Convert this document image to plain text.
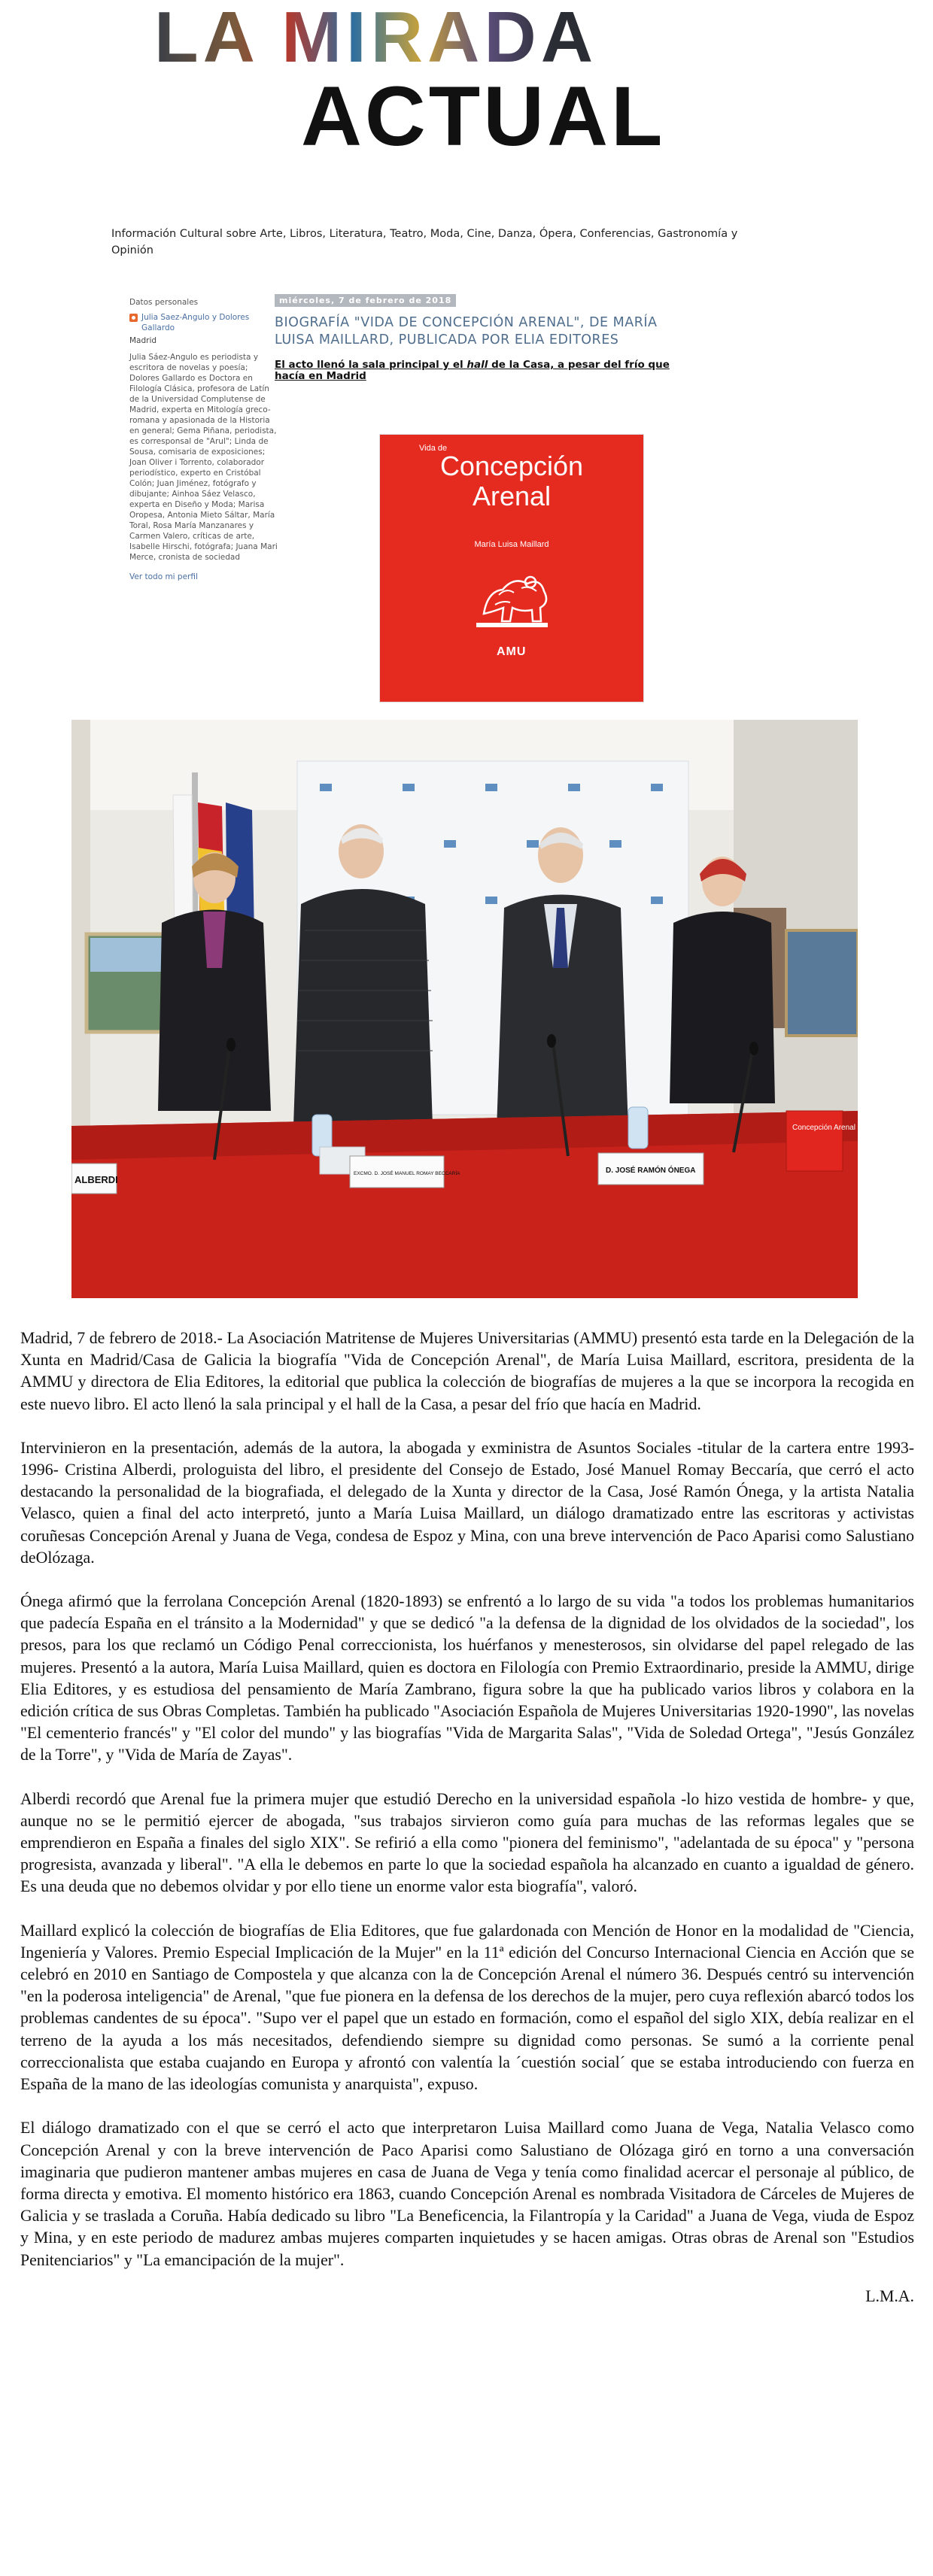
LA MIRADA
ACTUAL
Información Cultural sobre Arte, Libros, Literatura, Teatro, Moda, Cine, Danza, Ópera, Conferencias, Gastronomía y Opinión
Datos personales
Julia Saez-Angulo y Dolores Gallardo
Madrid
Julia Sáez-Angulo es periodista y escritora de novelas y poesía; Dolores Gallardo es Doctora en Filología Clásica, profesora de Latín de la Universidad Complutense de Madrid, experta en Mitología greco-romana y apasionada de la Historia en general; Gema Piñana, periodista, es corresponsal de "Arul"; Linda de Sousa, comisaria de exposiciones; Joan Oliver i Torrento, colaborador periodístico, experto en Cristóbal Colón; Juan Jiménez, fotógrafo y dibujante; Ainhoa Sáez Velasco, experta en Diseño y Moda; Marisa Oropesa, Antonia Mieto Sáltar, María Toral, Rosa María Manzanares y Carmen Valero, críticas de arte, Isabelle Hirschi, fotógrafa; Juana Mari Merce, cronista de sociedad
Ver todo mi perfil
miércoles, 7 de febrero de 2018
BIOGRAFÍA "VIDA DE CONCEPCIÓN ARENAL", DE MARÍA LUISA MAILLARD, PUBLICADA POR ELIA EDITORES
El acto llenó la sala principal y el hall de la Casa, a pesar del frío que hacía en Madrid
Vida de
Concepción
Arenal
María Luisa Maillard
AMU
ALBERDI
EXCMO. D. JOSÉ MANUEL ROMAY BECCARÍA	D. JOSÉ RAMÓN ÓNEGA
Concepción Arenal

Madrid, 7 de febrero de 2018.- La Asociación Matritense de Mujeres Universitarias (AMMU) presentó esta tarde en la Delegación de la Xunta en Madrid/Casa de Galicia la biografía "Vida de Concepción Arenal", de María Luisa Maillard, escritora, presidenta de la AMMU y directora de Elia Editores, la editorial que publica la colección de biografías de mujeres a la que se incorpora la recogida en este nuevo libro. El acto llenó la sala principal y el hall de la Casa, a pesar del frío que hacía en Madrid.

Intervinieron en la presentación, además de la autora, la abogada y exministra de Asuntos Sociales -titular de la cartera entre 1993-1996- Cristina Alberdi, prologuista del libro, el presidente del Consejo de Estado, José Manuel Romay Beccaría, que cerró el acto destacando la personalidad de la biografiada, el delegado de la Xunta y director de la Casa, José Ramón Ónega, y la artista Natalia Velasco, quien a final del acto interpretó, junto a María Luisa Maillard, un diálogo dramatizado entre las escritoras y activistas coruñesas Concepción Arenal y Juana de Vega, condesa de Espoz y Mina, con una breve intervención de Paco Aparisi como Salustiano deOlózaga.

Ónega afirmó que la ferrolana Concepción Arenal (1820-1893) se enfrentó a lo largo de su vida "a todos los problemas humanitarios que padecía España en el tránsito a la Modernidad" y que se dedicó "a la defensa de la dignidad de los olvidados de la sociedad", los presos, para los que reclamó un Código Penal correccionista, los huérfanos y menesterosos, sin olvidarse del papel relegado de las mujeres. Presentó a la autora, María Luisa Maillard, quien es doctora en Filología con Premio Extraordinario, preside la AMMU, dirige Elia Editores, y es estudiosa del pensamiento de María Zambrano, figura sobre la que ha publicado varios libros y colabora en la edición crítica de sus Obras Completas. También ha publicado "Asociación Española de Mujeres Universitarias 1920-1990", las novelas "El cementerio francés" y "El color del mundo" y las biografías "Vida de Margarita Salas", "Vida de Soledad Ortega", "Jesús González de la Torre", y "Vida de María de Zayas".

Alberdi recordó que Arenal fue la primera mujer que estudió Derecho en la universidad española -lo hizo vestida de hombre- y que, aunque no se le permitió ejercer de abogada, "sus trabajos sirvieron como guía para muchas de las reformas legales que se emprendieron en España a finales del siglo XIX". Se refirió a ella como "pionera del feminismo", "adelantada de su época" y "persona progresista, avanzada y liberal". "A ella le debemos en parte lo que la sociedad española ha alcanzado en cuanto a igualdad de género. Es una deuda que no debemos olvidar y por ello tiene un enorme valor esta biografía", valoró.

Maillard explicó la colección de biografías de Elia Editores, que fue galardonada con Mención de Honor en la modalidad de "Ciencia, Ingeniería y Valores. Premio Especial Implicación de la Mujer" en la 11ª edición del Concurso Internacional Ciencia en Acción que se celebró en 2010 en Santiago de Compostela y que alcanza con la de Concepción Arenal el número 36. Después centró su intervención "en la poderosa inteligencia" de Arenal, "que fue pionera en la defensa de los derechos de la mujer, pero cuya reflexión abarcó todos los problemas candentes de su época". "Supo ver el papel que un estado en formación, como el español del siglo XIX, debía realizar en el terreno de la ayuda a los más necesitados, defendiendo siempre su dignidad como personas. Se sumó a la corriente penal correccionalista que estaba cuajando en Europa y afrontó con valentía la ´cuestión social´ que se estaba introduciendo con fuerza en España de la mano de las ideologías comunista y anarquista", expuso.

El diálogo dramatizado con el que se cerró el acto que interpretaron Luisa Maillard como Juana de Vega, Natalia Velasco como Concepción Arenal y con la breve intervención de Paco Aparisi como Salustiano de Olózaga giró en torno a una conversación imaginaria que pudieron mantener ambas mujeres en casa de Juana de Vega y tenía como finalidad acercar el personaje al público, de forma directa y emotiva. El momento histórico era 1863, cuando Concepción Arenal es nombrada Visitadora de Cárceles de Mujeres de Galicia y se traslada a Coruña. Había dedicado su libro "La Beneficencia, la Filantropía y la Caridad" a Juana de Vega, viuda de Espoz y Mina, y en este periodo de madurez ambas mujeres comparten inquietudes y se hacen amigas. Otras obras de Arenal son "Estudios Penitenciarios" y "La emancipación de la mujer".

L.M.A.
